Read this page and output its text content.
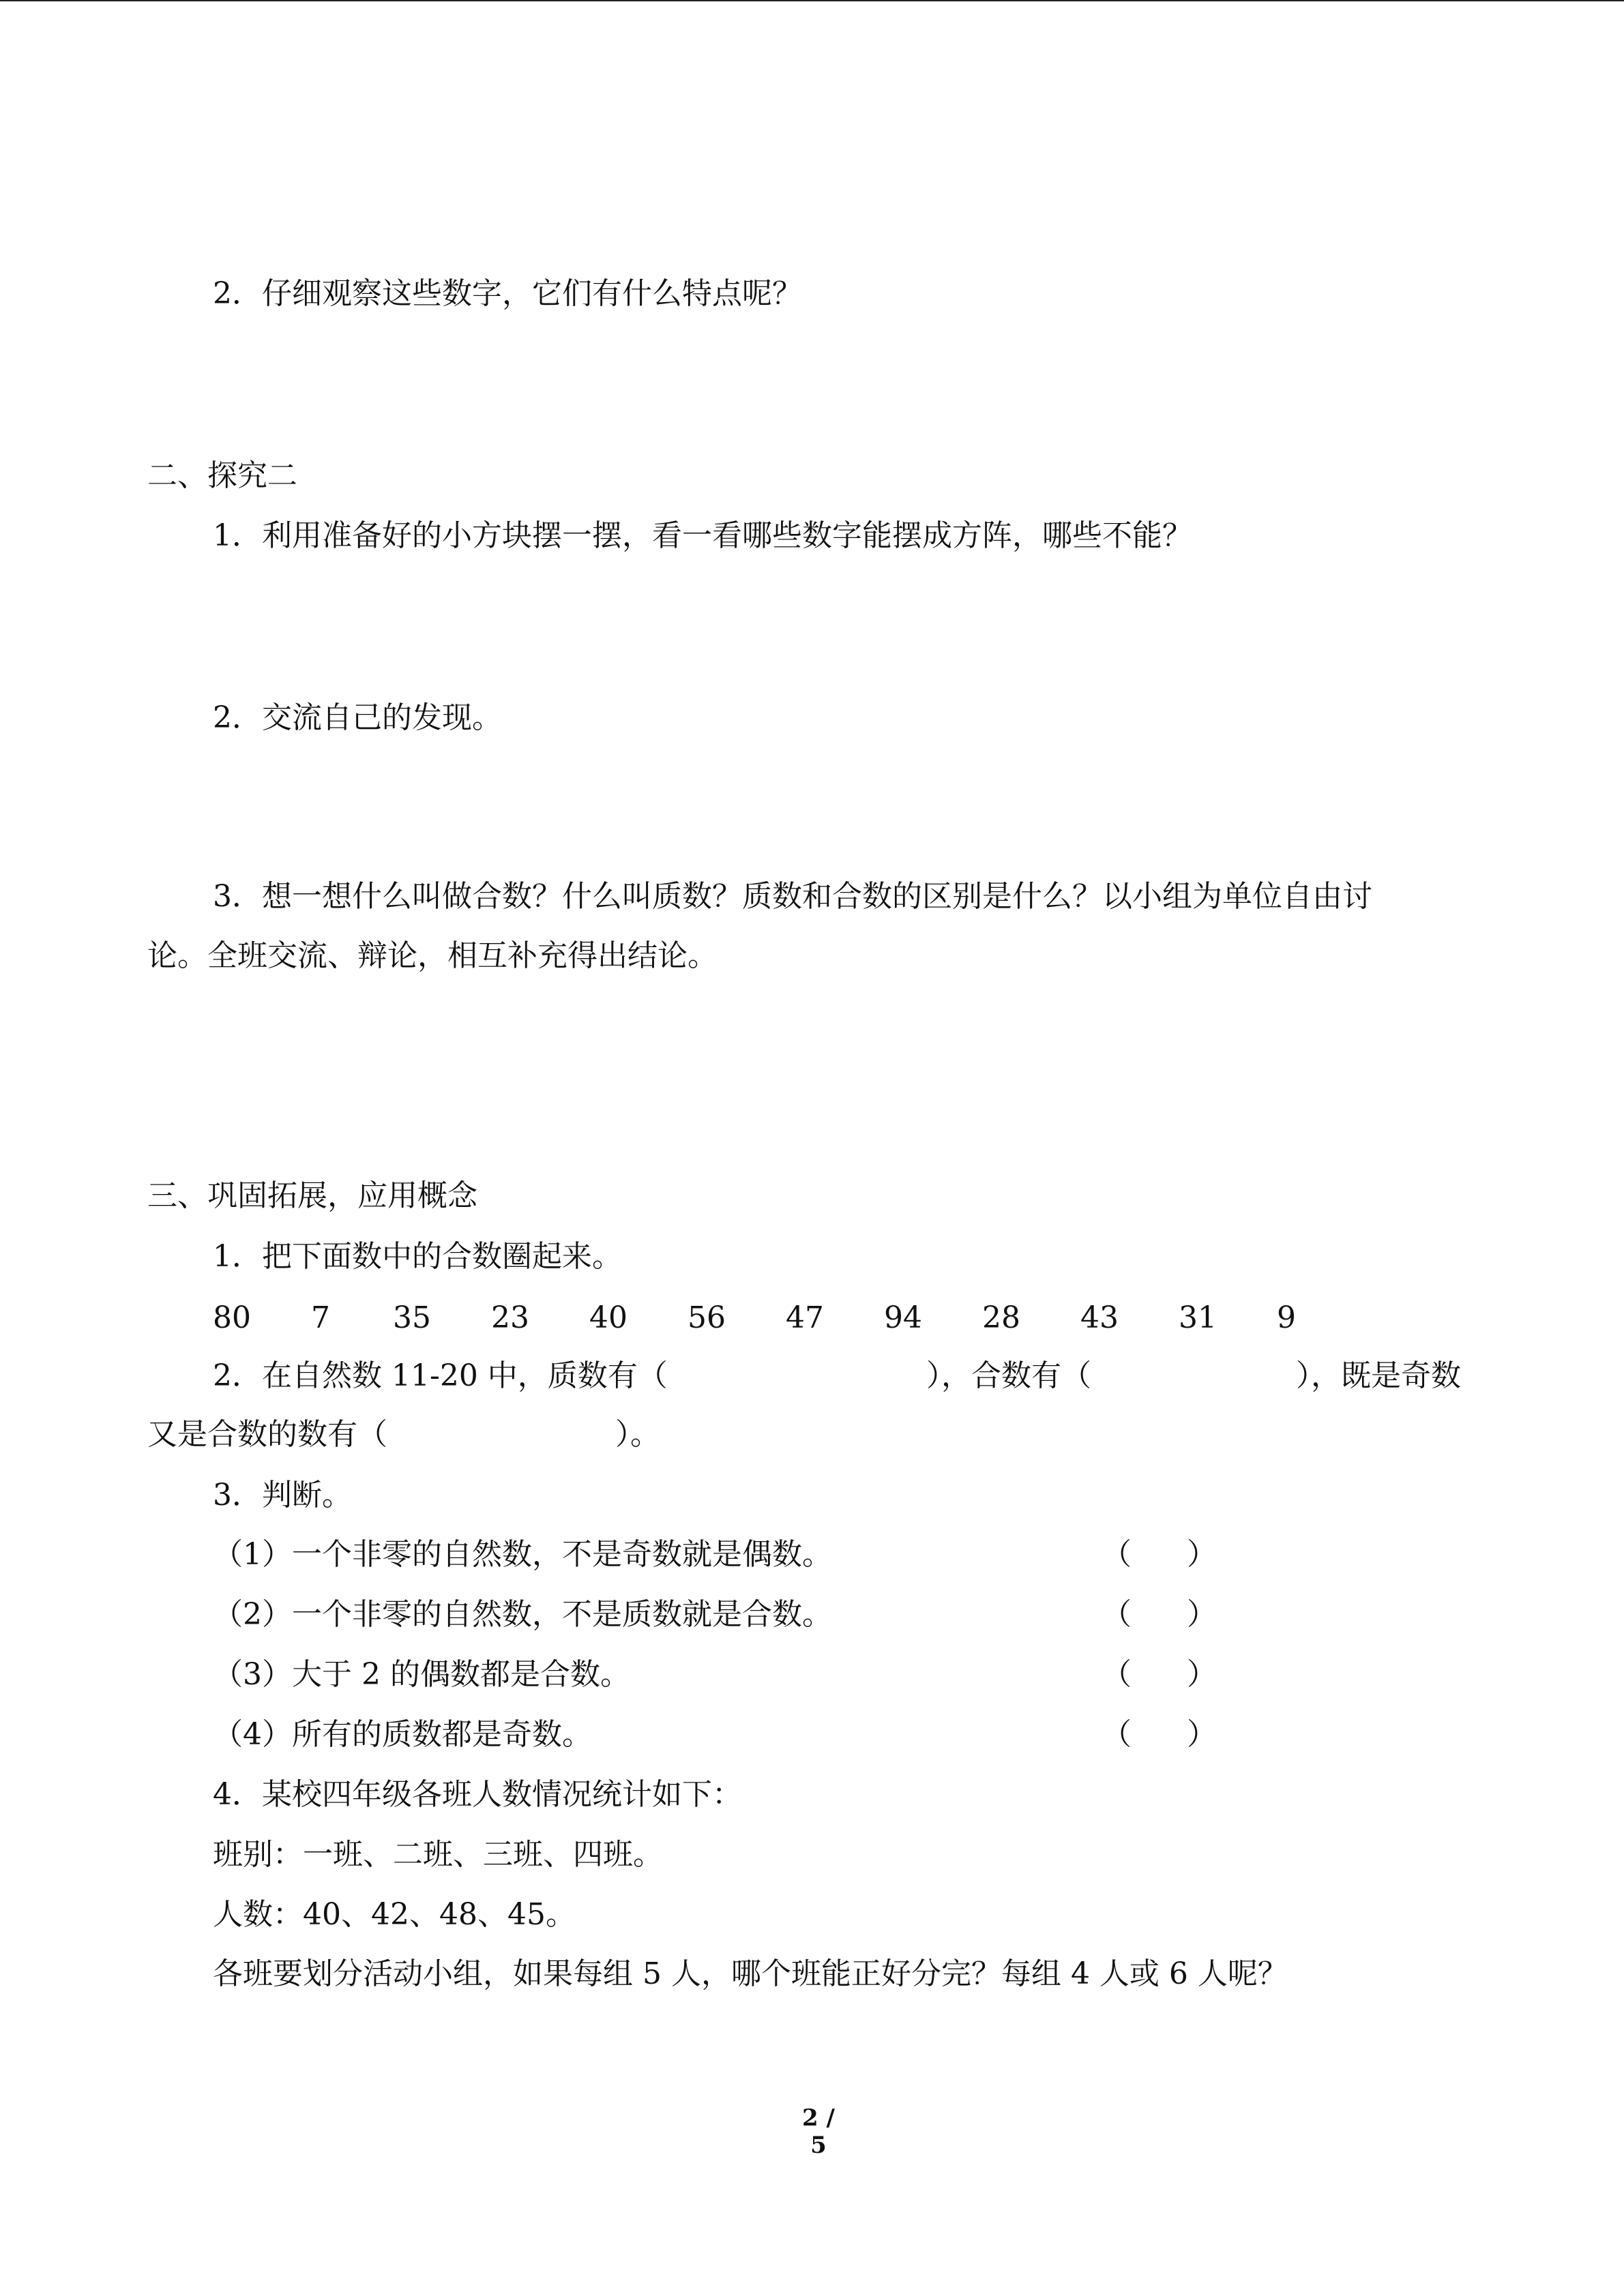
2．仔细观察这些数字，它们有什么特点呢？
二、探究二
1．利用准备好的小方块摆一摆，看一看哪些数字能摆成方阵，哪些不能？
2．交流自己的发现。
3．想一想什么叫做合数？什么叫质数？质数和合数的区别是什么？以小组为单位自由讨
论。全班交流、辩论，相互补充得出结论。
三、巩固拓展，应用概念
1．把下面数中的合数圈起来。
80 7 35 23 40 56 47 94 28 43 31 9
2．在自然数 11-20 中，质数有（	），合数有（	），既是奇数
又是合数的数有（	）。
3．判断。
（1）一个非零的自然数，不是奇数就是偶数。	（ ）
（2）一个非零的自然数，不是质数就是合数。	（ ）
（3）大于 2 的偶数都是合数。	（ ）
（4）所有的质数都是奇数。	（ ）
4．某校四年级各班人数情况统计如下：
班别：一班、二班、三班、四班。
人数：40、42、48、45。
各班要划分活动小组，如果每组 5 人，哪个班能正好分完？每组 4 人或 6 人呢？
2 / 5
